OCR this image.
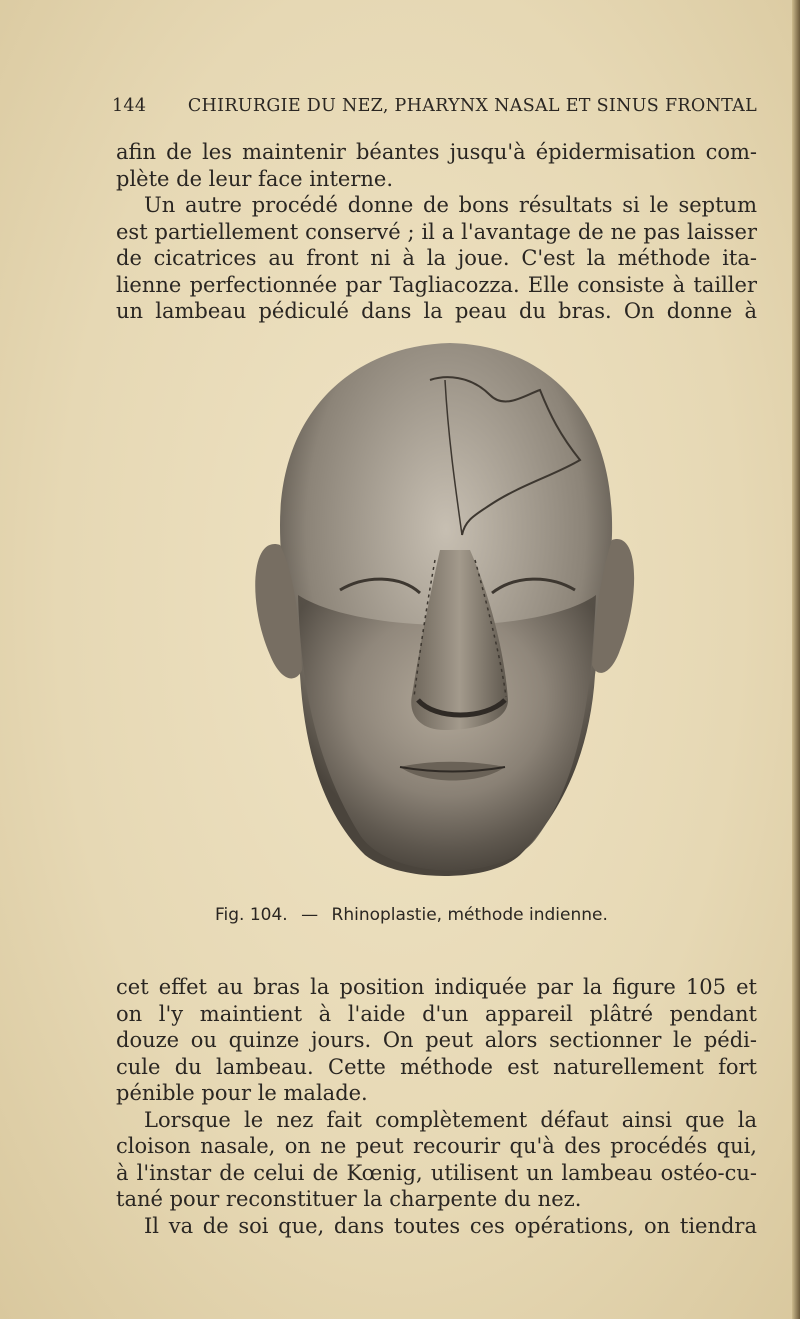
144 CHIRURGIE DU NEZ, PHARYNX NASAL ET SINUS FRONTAL
afin de les maintenir béantes jusqu'à épidermisation com-
plète de leur face interne.
Un autre procédé donne de bons résultats si le septum
est partiellement conservé ; il a l'avantage de ne pas laisser
de cicatrices au front ni à la joue. C'est la méthode ita-
lienne perfectionnée par Tagliacozza. Elle consiste à tailler
un lambeau pédiculé dans la peau du bras. On donne à
Fig. 104. — Rhinoplastie, méthode indienne.
cet effet au bras la position indiquée par la figure 105 et
on l'y maintient à l'aide d'un appareil plâtré pendant
douze ou quinze jours. On peut alors sectionner le pédi-
cule du lambeau. Cette méthode est naturellement fort
pénible pour le malade.
Lorsque le nez fait complètement défaut ainsi que la
cloison nasale, on ne peut recourir qu'à des procédés qui,
à l'instar de celui de Kœnig, utilisent un lambeau ostéo-cu-
tané pour reconstituer la charpente du nez.
Il va de soi que, dans toutes ces opérations, on tiendra
